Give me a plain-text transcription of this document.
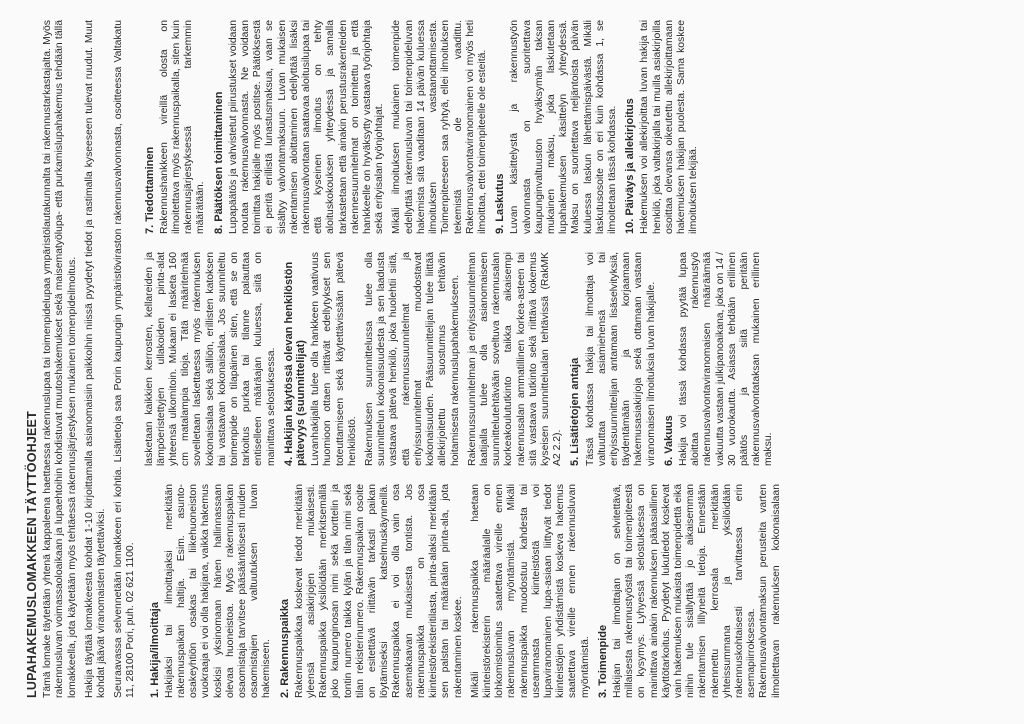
LUPAHAKEMUSLOMAKKEEN TÄYTTÖOHJEET Tämä lomake täytetään yhtenä kappaleena haettaessa rakennuslupaa tai toimenpidelupaa ympäristölautakunnalta tai rakennustarkastajalta. Myös rakennusluvan voimassaoloaikaan ja lupaehtoihin kohdistuvat muutoshakemukset sekä maisematyölupa- että purkamislupahakemus tehdään tällä lomakkeella, jota käytetään myös tehtäessä rakennusjärjestyksen mukainen toimenpideilmoitus. Hakija täyttää lomakkeesta kohdat 1-10 kirjoittamalla asianomaisiin paikkoihin niissä pyydetyt tiedot ja rastimalla kyseeseen tulevat ruudut. Muut kohdat jäävät viranomaisten täytettäviksi. Seuraavassa selvennetään lomakkeen eri kohtia. Lisätietoja saa Porin kaupungin ympäristöviraston rakennusvalvonnasta, osoitteessa Valtakatu 11, 28100 Pori, puh. 02 621 1100. 1. Hakija/ilmoittaja Hakijaksi tai ilmoittajaksi merkitään rakennuspaikan haltija. Esim. asunto-osakeyhtiön osakas tai liikehuoneiston vuokraaja ei voi olla hakijana, vaikka hakemus koskisi yksinomaan hänen hallinnassaan olevaa huoneistoa. Myös rakennuspaikan osaomistaja tarvitsee pääsääntöisesti muiden osaomistajien valtuutuksen luvan hakemiseen. 2. Rakennuspaikka Rakennuspaikkaa koskevat tiedot merkitään yleensä asiakirjojen mukaisesti. Rakennuspaikka yksilöidään merkitsemällä joko kaupunginosan nimi sekä korttelin ja tontin numero taikka kylän ja tilan nimi sekä tilan rekisterinumero. Rakennuspaikan osoite on esitettävä riittävän tarkasti paikan löytämiseksi katselmuskäynneillä. Rakennuspaikka ei voi olla vain osa asemakaavan mukaisesta tontista. Jos rakennuspaikka on osa kiinteistörekisteritilasta, pinta-alaksi merkitään sen palstan tai määräalan pinta-ala, jota rakentaminen koskee. Mikäli rakennuspaikka haetaan kiinteistörekisterin määräalalle on lohkomistoimitus saatettava vireille ennen rakennusluvan myöntämistä. Mikäli rakennuspaikka muodostuu kahdesta tai useammasta kiinteistöstä voi lupaviranomainen lupa-asiaan liittyvät tiedot kiinteistöjen yhdistämistä koskeva hakemus saatettava vireille ennen rakennusluvan myöntämistä. 3. Toimenpide Hakijan tai ilmoittajan on selvitettävä, millaisesta rakennustyöstä tai toimenpiteestä on kysymys. Lyhyessä selostuksessa on mainittava ainakin rakennuksen pääasiallinen käyttötarkoitus. Pyydetyt lukutiedot koskevat vain hakemuksen mukaista toimenpidettä eikä niihin tule sisällyttää jo aikaisemman rakentamisen lillyneitä tietoja. Ennestään rakennettu kerrosala merkitään yhteissummana ja yksilöidään rakennuskohtaisesti tarvittaessa erin asemapiirroksessa. Rakennusvalvontamaksun perusteita varten ilmoitettavan rakennuksen kokonaisalaan lasketaan kaikkien kerrosten, kellareiden ja lämpöeristettyjen ullakoiden pinta-alat yhteensä ulkomitoin. Mukaan ei lasketa 160 cm matalampia tiloja. Tätä määritelmää sovelletaan laskettaessa myös rakennuksen kokonaisalaa sekä sälliön, erillisten katoksen tai vastaavan kokonaisalaa. Jos suunniteltu toimenpide on tilapäinen siten, että se on tarkoitus purkaa tai tilanne palauttaa entiselleen määräajan kuluessa, siitä on mainittava selostuksessa. 4. Hakijan käytössä olevan henkilöstön pätevyys (suunnittelijat) Luvanhakijalla tulee olla hankkeen vaativuus huomioon ottaen riittävät edellytykset sen toteuttamiseen sekä käytettävissään pätevä henkilöstö. Rakennuksen suunnittelussa tulee olla suunnittelun kokonaisuudesta ja sen laadusta vastaava pätevä henkilö, joka huolehtii siitä, että rakennussuunnitelmat ja erityissuunnitelmat muodostavat kokonaisuuden. Pääsuunnittelijan tulee liittää allekirjoitettu suostumus tehtävän hoitamisesta rakennuslupahakemukseen. Rakennussuunnitelman ja erityissuunnitelman laatijalla tulee olla asianomaiseen suunnittelutehtävään soveltuva rakennusalan korkeakoulututkinto taikka aikaisempi rakennusalan ammatillinen korkea-asteen tai sitä vastaava tutkinto sekä riittävä kokemus kyseisen suunnittelualan tehtävissä (RakMK A2 2.2). 5. Lisätietojen antaja Tässä kohdassa hakija tai ilmoittaja voi valtuuttaa asiamiehensä tai erityissuunnittelijan antamaan lisäselvityksiä, täydentämään ja korjaamaan hakemusasiakirjoja sekä ottamaan vastaan viranomaisen ilmoituksia luvan hakijalle. 6. Vakuus Hakija voi tässä kohdassa pyytää lupaa aloittaa rakennustyö rakennusvalvontaviranomaisen määräämää vakuutta vastaan julkipanoaikana, joka on 14 / 30 vuorokautta. Asiassa tehdään erillinen päätös ja siitä peritään rakennusvalvontataksan mukainen erillinen maksu.

7. Tiedottaminen Rakennushankkeen vireillä olosta on ilmoitettava myös rakennuspaikalla, siten kuin rakennusjärjestyksessä tarkemmin määrätään. 8. Päätöksen toimittaminen Lupapäätös ja vahvistetut piirustukset voidaan noutaa rakennusvalvonnasta. Ne voidaan toimittaa hakijalle myös postitse. Päätöksestä ei peritä erillistä lunastusmaksua, vaan se sisältyy valvontamaksuun. Luvan mukaisen rakentamisen aloittaminen edellyttää lisäksi rakennusvalvontaan saatavaa aloitusilupaa tai että kyseinen ilmoitus on tehty aloituskokouksen yhteydessä ja samalla tarkastetaan että ainakin perustusrakenteiden rakennesuunnitelmat on toimitettu ja että hankkeelle on hyväksytty vastaava työnjohtaja sekä erityisalan työnjohtajat. Mikäli ilmoituksen mukainen toimenpide edellyttää rakennusluvan tai toimenpideluvan hakemista sitä vaaditaan 14 päivän kuluessa ilmoituksen vastaanottamisesta. Toimenpiteeseen saa ryhtyä, ellei ilmoituksen tekemistä ole vaadittu. Rakennusvalvontaviranomainen voi myös heti ilmoittaa, ettei toimenpiteelle ole esteitä. 9. Laskutus Luvan käsittelystä ja rakennustyön valvonnasta on suoritettava kaupunginvaltuuston hyväksymän taksan mukainen maksu, joka laskutetaan lupahakemuksen käsittelyn yhteydessä. Maksu on suoritettava neljäntoista päivän kuluessa laskun lähettämispäivästä. Mikäli laskutusosoite on eri kuin kohdassa 1, se ilmoitetaan tässä kohdassa. 10. Päiväys ja allekirjoitus Hakemuksen voi allekirjoittaa luvan hakija tai henkilö, joka valtakirjalla tai muilla asiakirjoilla osoittaa olevansa oikeutettu allekirjoittamaan hakemuksen hakijan puolesta. Sama koskee ilmoituksen tekijää.
